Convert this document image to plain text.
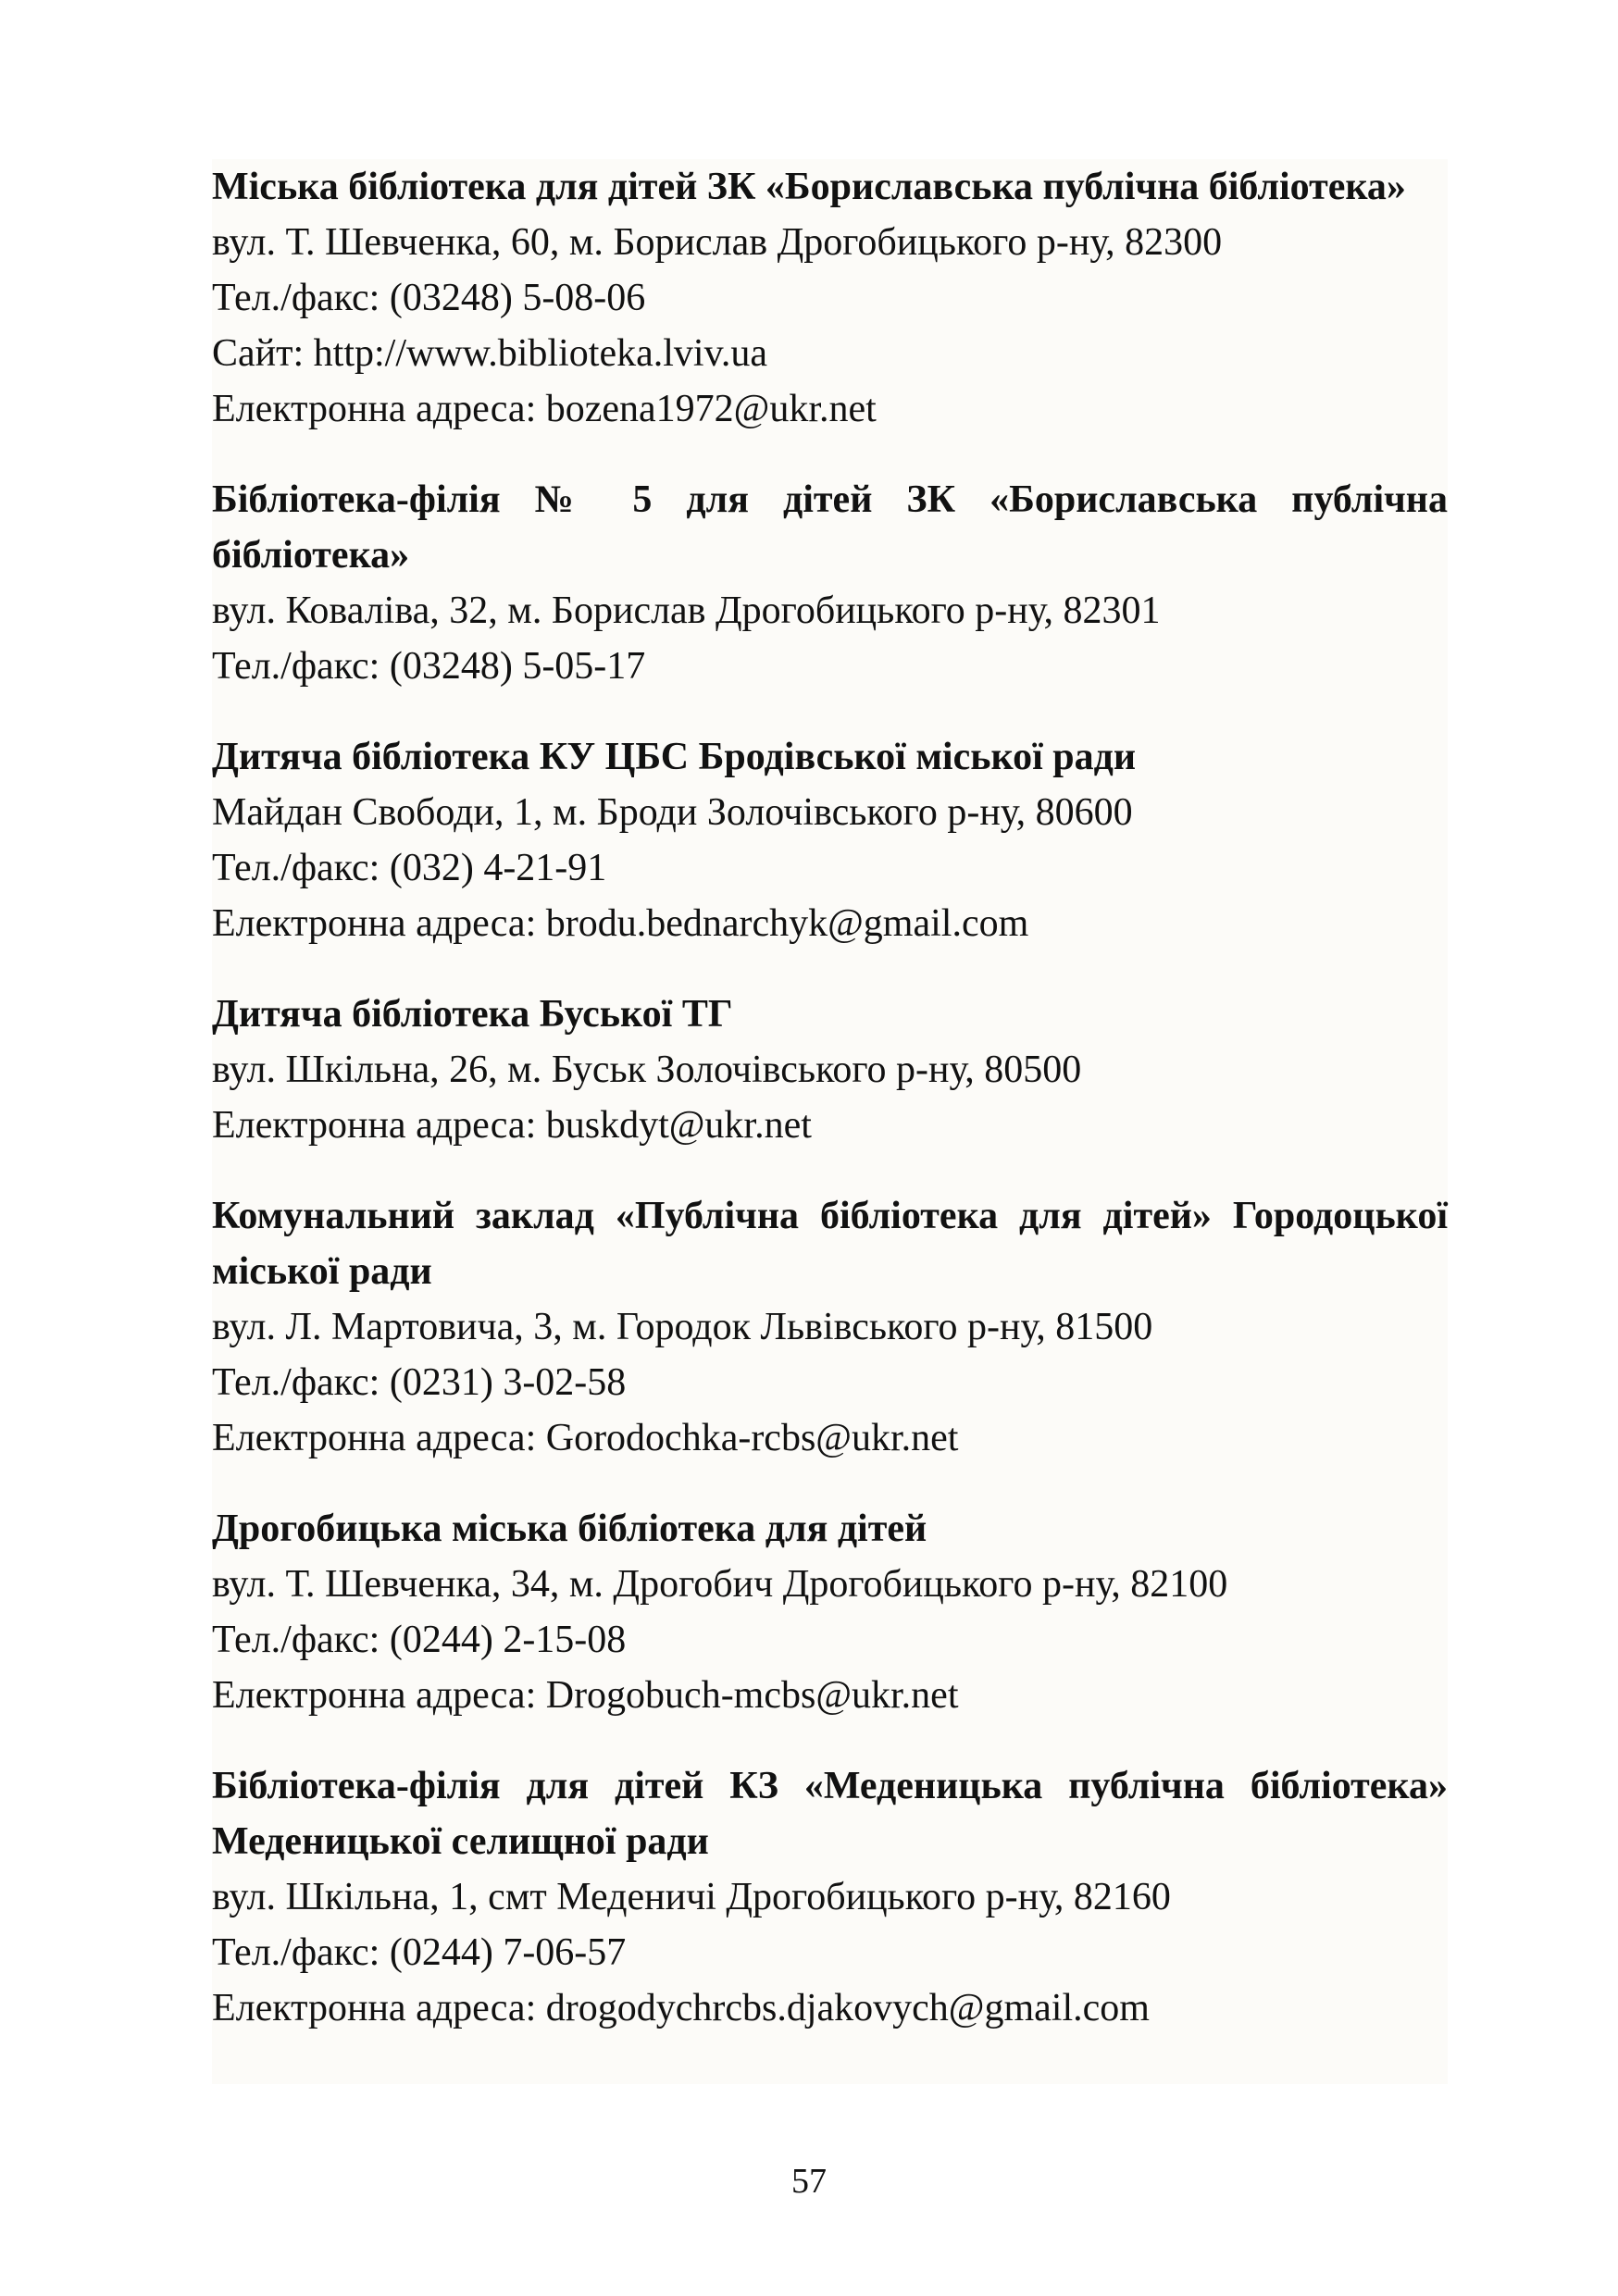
Міська бібліотека для дітей ЗК «Бориславська публічна бібліотека»
вул. Т. Шевченка, 60, м. Борислав Дрогобицького р-ну, 82300
Тел./факс: (03248) 5-08-06
Сайт: http://www.biblioteka.lviv.ua
Електронна адреса: bozena1972@ukr.net
Бібліотека-філія № 5 для дітей ЗК «Бориславська публічна бібліотека»
вул. Коваліва, 32, м. Борислав Дрогобицького р-ну, 82301
Тел./факс: (03248) 5-05-17
Дитяча бібліотека КУ ЦБС Бродівської міської ради
Майдан Свободи, 1, м. Броди Золочівського р-ну, 80600
Тел./факс: (032) 4-21-91
Електронна адреса: brodu.bednarchyk@gmail.com
Дитяча бібліотека Буської ТГ
вул. Шкільна, 26, м. Буськ Золочівського р-ну, 80500
Електронна адреса: buskdyt@ukr.net
Комунальний заклад «Публічна бібліотека для дітей» Городоцької міської ради
вул. Л. Мартовича, 3, м. Городок Львівського р-ну, 81500
Тел./факс: (0231) 3-02-58
Електронна адреса: Gorodochka-rcbs@ukr.net
Дрогобицька міська бібліотека для дітей
вул. Т. Шевченка, 34, м. Дрогобич Дрогобицького р-ну, 82100
Тел./факс: (0244) 2-15-08
Електронна адреса: Drogobuch-mcbs@ukr.net
Бібліотека-філія для дітей КЗ «Меденицька публічна бібліотека» Меденицької селищної ради
вул. Шкільна, 1, смт Меденичі Дрогобицького р-ну, 82160
Тел./факс: (0244) 7-06-57
Електронна адреса: drogodychrcbs.djakovych@gmail.com
57
